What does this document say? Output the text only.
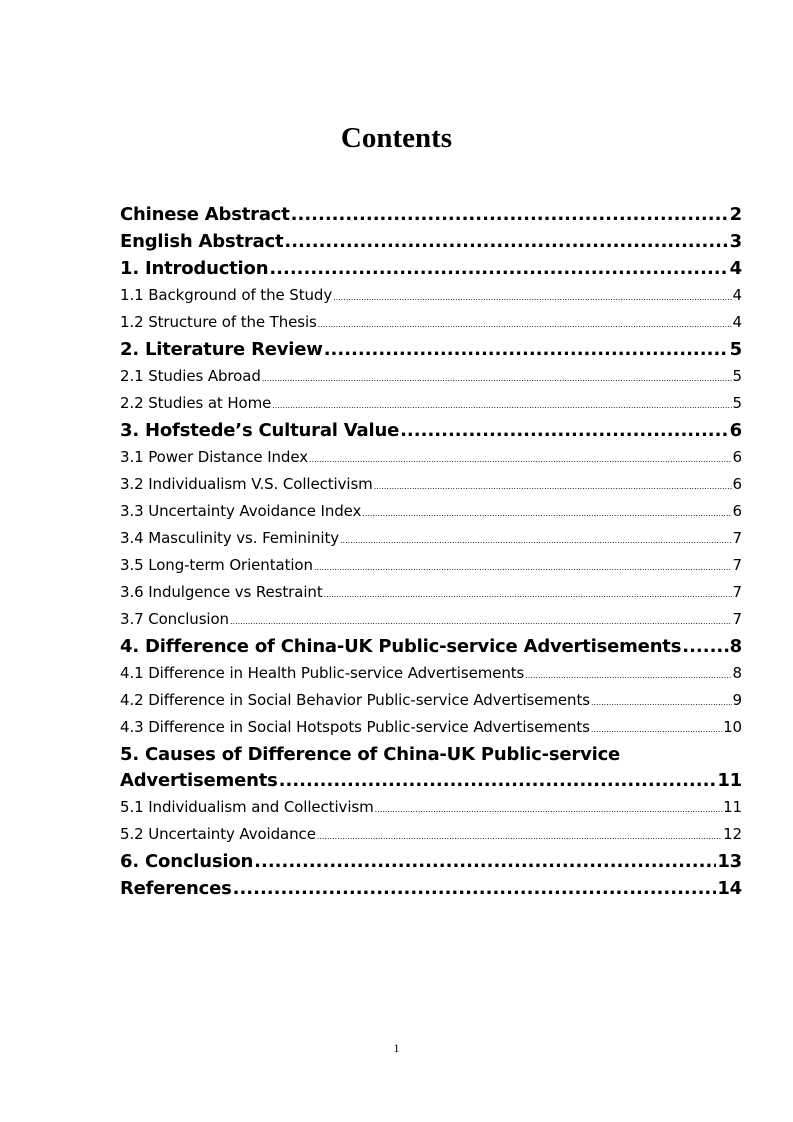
Contents
Chinese Abstract .....	2
English Abstract .....	3
1. Introduction .....	4
1.1 Background of the Study .....	4
1.2 Structure of the Thesis .....	4
2. Literature Review .....	5
2.1 Studies Abroad .....	5
2.2 Studies at Home .....	5
3. Hofstede’s Cultural Value .....	6
3.1 Power Distance Index .....	6
3.2 Individualism V.S. Collectivism .....	6
3.3 Uncertainty Avoidance Index .....	6
3.4 Masculinity vs. Femininity .....	7
3.5 Long-term Orientation .....	7
3.6 Indulgence vs Restraint .....	7
3.7 Conclusion .....	7
4. Difference of China-UK Public-service Advertisements .....	8
4.1 Difference in Health Public-service Advertisements .....	8
4.2 Difference in Social Behavior Public-service Advertisements .....	9
4.3 Difference in Social Hotspots Public-service Advertisements .....	10
5. Causes of Difference of China-UK Public-service
Advertisements .....	11
5.1 Individualism and Collectivism .....	11
5.2 Uncertainty Avoidance .....	12
6. Conclusion .....	13
References .....	14
1
